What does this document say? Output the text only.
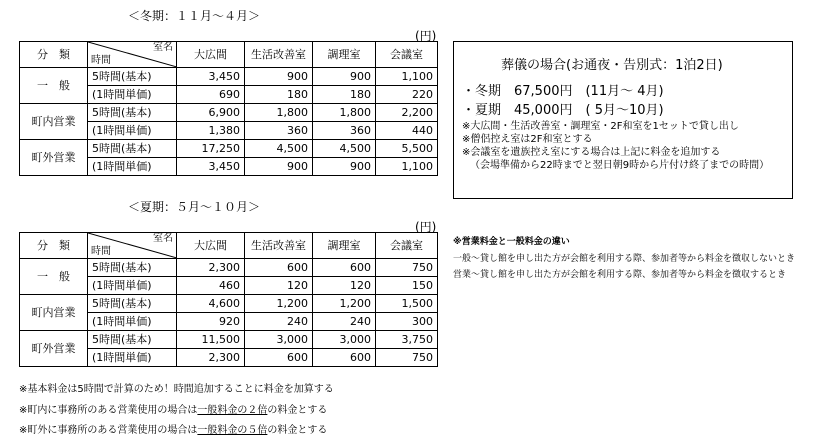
＜冬期：１１月～４月＞
(円)
分　類	室名
時間	大広間	生活改善室	調理室	会議室
一　般	5時間(基本)	3,450	900	900	1,100
	(1時間単価)	690	180	180	220
町内営業	5時間(基本)	6,900	1,800	1,800	2,200
	(1時間単価)	1,380	360	360	440
町外営業	5時間(基本)	17,250	4,500	4,500	5,500
	(1時間単価)	3,450	900	900	1,100
葬儀の場合(お通夜・告別式：1泊2日)
・冬期　67,500円　(11月～ 4月)
・夏期　45,000円　( 5月～10月)
※大広間・生活改善室・調理室・2F和室を1セットで貸し出し
※僧侶控え室は2F和室とする
※会議室を遺族控え室にする場合は上記に料金を追加する
（会場準備から22時までと翌日朝9時から片付け終了までの時間）
＜夏期：５月～１０月＞
(円)
分　類	室名
時間	大広間	生活改善室	調理室	会議室
一　般	5時間(基本)	2,300	600	600	750
	(1時間単価)	460	120	120	150
町内営業	5時間(基本)	4,600	1,200	1,200	1,500
	(1時間単価)	920	240	240	300
町外営業	5時間(基本)	11,500	3,000	3,000	3,750
	(1時間単価)	2,300	600	600	750
※営業料金と一般料金の違い
一般～貸し館を申し出た方が会館を利用する際、参加者等から料金を徴収しないとき
営業～貸し館を申し出た方が会館を利用する際、参加者等から料金を徴収するとき
※基本料金は5時間で計算のため！時間追加することに料金を加算する
※町内に事務所のある営業使用の場合は一般料金の２倍の料金とする
※町外に事務所のある営業使用の場合は一般料金の５倍の料金とする
